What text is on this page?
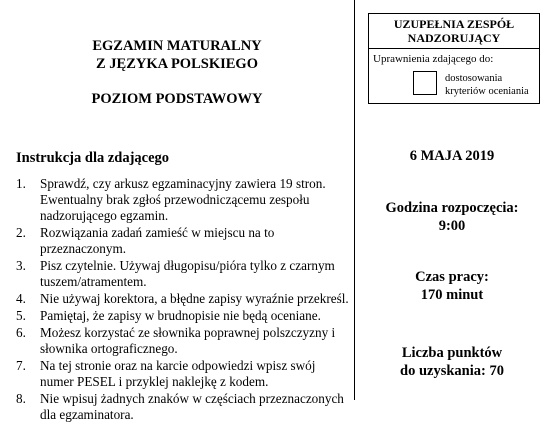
EGZAMIN MATURALNY
Z JĘZYKA POLSKIEGO
POZIOM PODSTAWOWY
Instrukcja dla zdającego
1. Sprawdź, czy arkusz egzaminacyjny zawiera 19 stron. Ewentualny brak zgłoś przewodniczącemu zespołu nadzorującego egzamin.
2. Rozwiązania zadań zamieść w miejscu na to przeznaczonym.
3. Pisz czytelnie. Używaj długopisu/pióra tylko z czarnym tuszem/atramentem.
4. Nie używaj korektora, a błędne zapisy wyraźnie przekreśl.
5. Pamiętaj, że zapisy w brudnopisie nie będą oceniane.
6. Możesz korzystać ze słownika poprawnej polszczyzny i słownika ortograficznego.
7. Na tej stronie oraz na karcie odpowiedzi wpisz swój numer PESEL i przyklej naklejkę z kodem.
8. Nie wpisuj żadnych znaków w częściach przeznaczonych dla egzaminatora.
UZUPEŁNIA ZESPÓŁ
NADZORUJĄCY
Uprawnienia zdającego do:
dostosowania
kryteriów oceniania
6 MAJA 2019
Godzina rozpoczęcia:
9:00
Czas pracy:
170 minut
Liczba punktów
do uzyskania: 70
